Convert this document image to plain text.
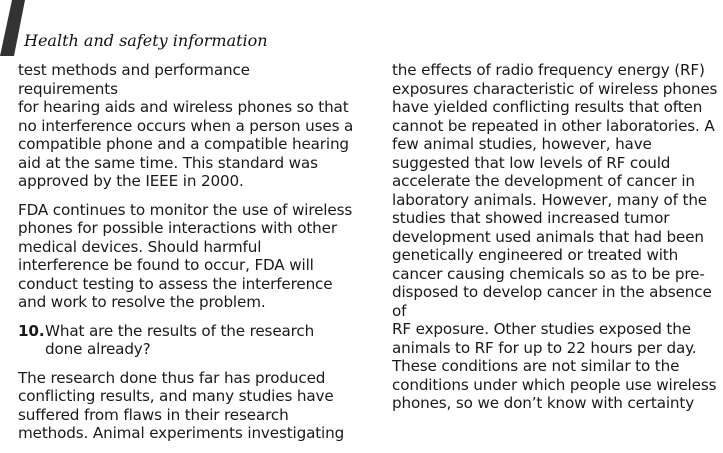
Health and safety information

test methods and performance requirements
for hearing aids and wireless phones so that
no interference occurs when a person uses a
compatible phone and a compatible hearing
aid at the same time. This standard was
approved by the IEEE in 2000.

FDA continues to monitor the use of wireless
phones for possible interactions with other
medical devices. Should harmful
interference be found to occur, FDA will
conduct testing to assess the interference
and work to resolve the problem.

10. What are the results of the research
done already?

The research done thus far has produced
conflicting results, and many studies have
suffered from flaws in their research
methods. Animal experiments investigating

the effects of radio frequency energy (RF)
exposures characteristic of wireless phones
have yielded conflicting results that often
cannot be repeated in other laboratories. A
few animal studies, however, have
suggested that low levels of RF could
accelerate the development of cancer in
laboratory animals. However, many of the
studies that showed increased tumor
development used animals that had been
genetically engineered or treated with
cancer causing chemicals so as to be pre-
disposed to develop cancer in the absence of
RF exposure. Other studies exposed the
animals to RF for up to 22 hours per day.
These conditions are not similar to the
conditions under which people use wireless
phones, so we don’t know with certainty
